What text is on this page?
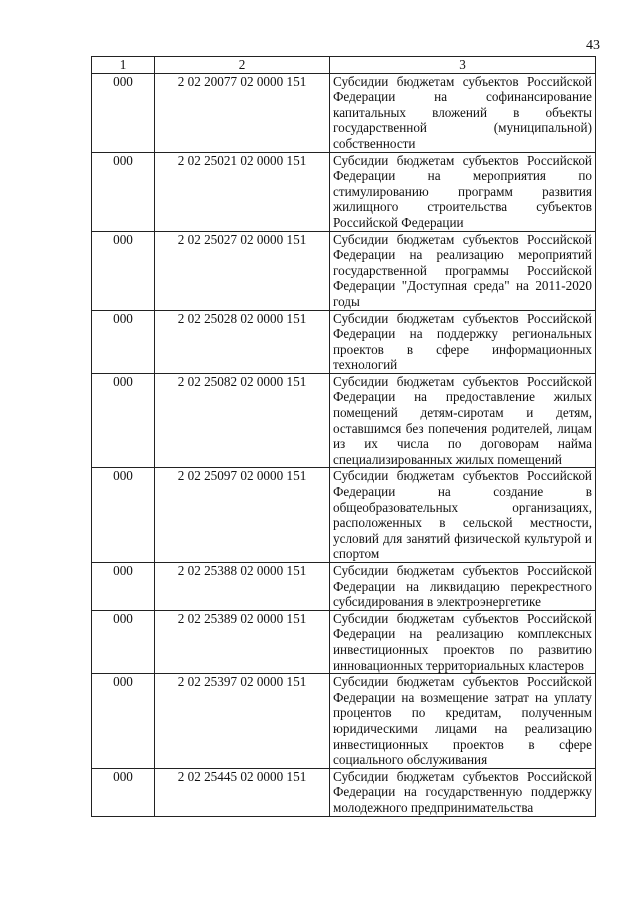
43
1	2	3
000	2 02 20077 02 0000 151	Субсидии бюджетам субъектов Российской Федерации на софинансирование капитальных вложений в объекты государственной (муниципальной) собственности
000	2 02 25021 02 0000 151	Субсидии бюджетам субъектов Российской Федерации на мероприятия по стимулированию программ развития жилищного строительства субъектов Российской Федерации
000	2 02 25027 02 0000 151	Субсидии бюджетам субъектов Российской Федерации на реализацию мероприятий государственной программы Российской Федерации "Доступная среда" на 2011-2020 годы
000	2 02 25028 02 0000 151	Субсидии бюджетам субъектов Российской Федерации на поддержку региональных проектов в сфере информационных технологий
000	2 02 25082 02 0000 151	Субсидии бюджетам субъектов Российской Федерации на предоставление жилых помещений детям-сиротам и детям, оставшимся без попечения родителей, лицам из их числа по договорам найма специализированных жилых помещений
000	2 02 25097 02 0000 151	Субсидии бюджетам субъектов Российской Федерации на создание в общеобразовательных организациях, расположенных в сельской местности, условий для занятий физической культурой и спортом
000	2 02 25388 02 0000 151	Субсидии бюджетам субъектов Российской Федерации на ликвидацию перекрестного субсидирования в электроэнергетике
000	2 02 25389 02 0000 151	Субсидии бюджетам субъектов Российской Федерации на реализацию комплексных инвестиционных проектов по развитию инновационных территориальных кластеров
000	2 02 25397 02 0000 151	Субсидии бюджетам субъектов Российской Федерации на возмещение затрат на уплату процентов по кредитам, полученным юридическими лицами на реализацию инвестиционных проектов в сфере социального обслуживания
000	2 02 25445 02 0000 151	Субсидии бюджетам субъектов Российской Федерации на государственную поддержку молодежного предпринимательства
